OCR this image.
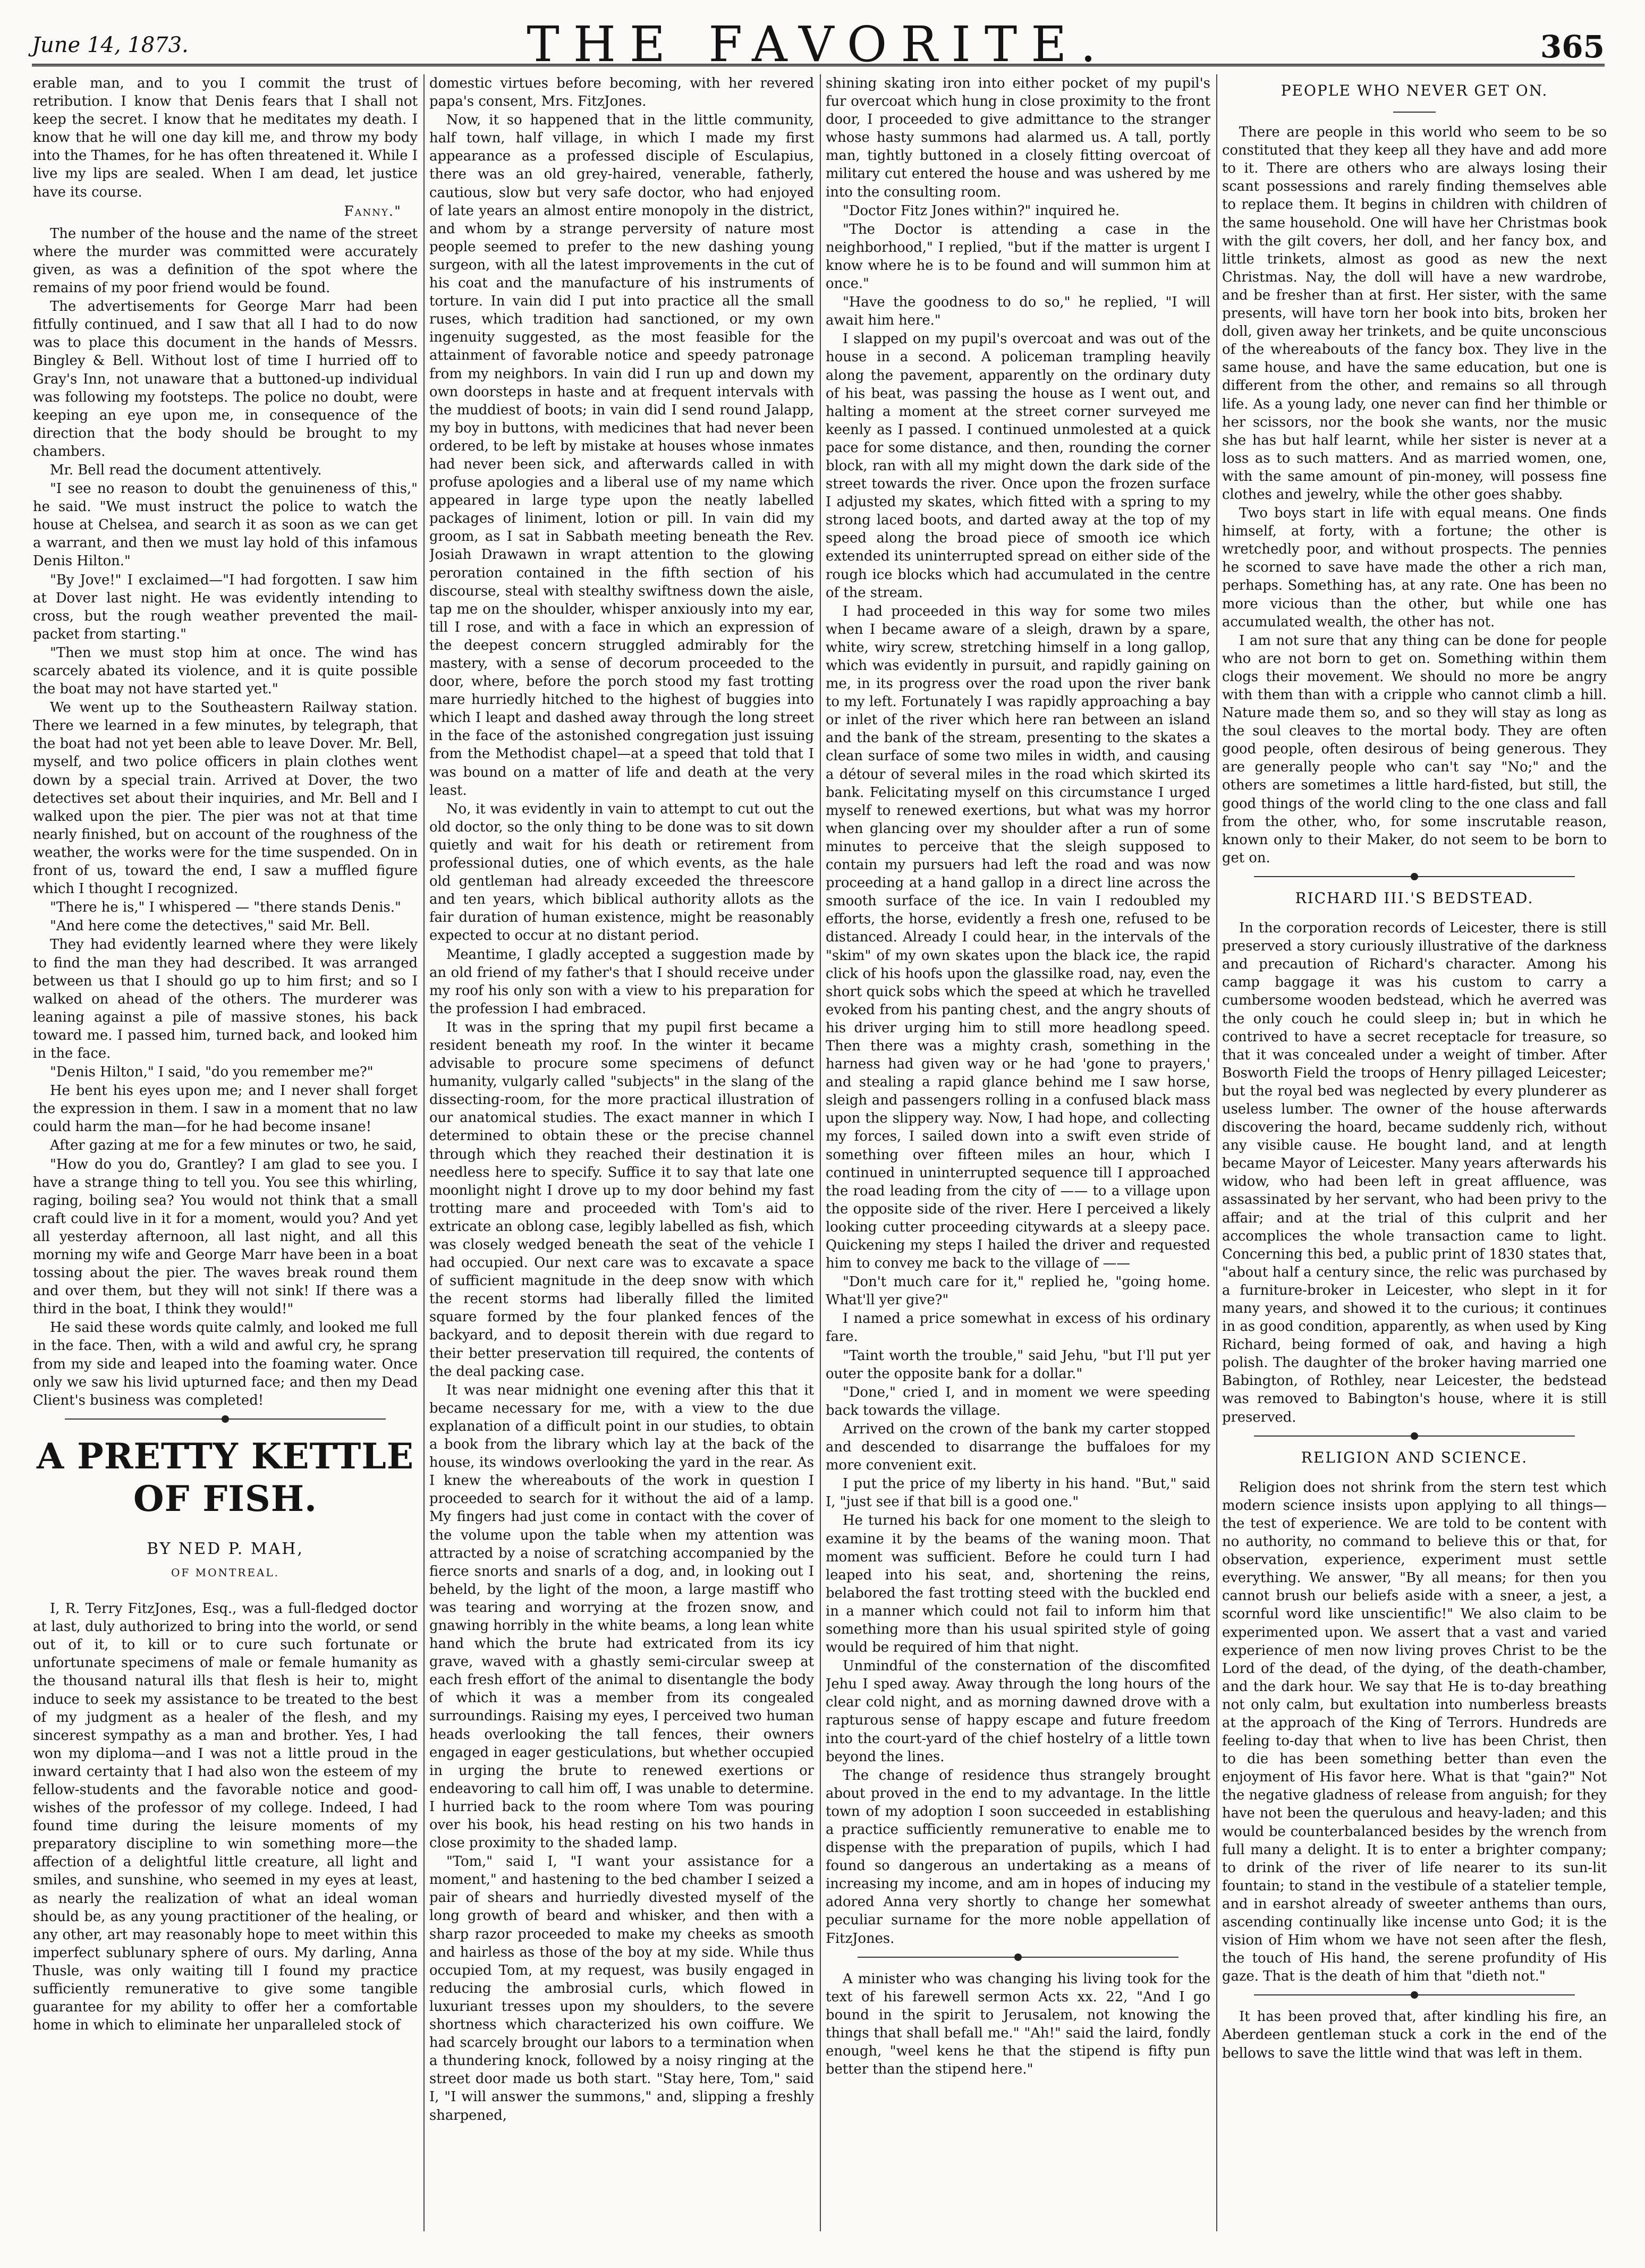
June 14, 1873.	THE FAVORITE.	365

erable man, and to you I commit the trust of retribution. I know that Denis fears that I shall not keep the secret. I know that he meditates my death. I know that he will one day kill me, and throw my body into the Thames, for he has often threatened it. While I live my lips are sealed. When I am dead, let justice have its course.

Fanny."

The number of the house and the name of the street where the murder was committed were accurately given, as was a definition of the spot where the remains of my poor friend would be found.

The advertisements for George Marr had been fitfully continued, and I saw that all I had to do now was to place this document in the hands of Messrs. Bingley & Bell. Without lost of time I hurried off to Gray's Inn, not unaware that a buttoned-up individual was following my footsteps. The police no doubt, were keeping an eye upon me, in consequence of the direction that the body should be brought to my chambers.

Mr. Bell read the document attentively.

"I see no reason to doubt the genuineness of this," he said. "We must instruct the police to watch the house at Chelsea, and search it as soon as we can get a warrant, and then we must lay hold of this infamous Denis Hilton."

"By Jove!" I exclaimed—"I had forgotten. I saw him at Dover last night. He was evidently intending to cross, but the rough weather prevented the mail-packet from starting."

"Then we must stop him at once. The wind has scarcely abated its violence, and it is quite possible the boat may not have started yet."

We went up to the Southeastern Railway station. There we learned in a few minutes, by telegraph, that the boat had not yet been able to leave Dover. Mr. Bell, myself, and two police officers in plain clothes went down by a special train. Arrived at Dover, the two detectives set about their inquiries, and Mr. Bell and I walked upon the pier. The pier was not at that time nearly finished, but on account of the roughness of the weather, the works were for the time suspended. On in front of us, toward the end, I saw a muffled figure which I thought I recognized.

"There he is," I whispered — "there stands Denis."

"And here come the detectives," said Mr. Bell.

They had evidently learned where they were likely to find the man they had described. It was arranged between us that I should go up to him first; and so I walked on ahead of the others. The murderer was leaning against a pile of massive stones, his back toward me. I passed him, turned back, and looked him in the face.

"Denis Hilton," I said, "do you remember me?"

He bent his eyes upon me; and I never shall forget the expression in them. I saw in a moment that no law could harm the man—for he had become insane!

After gazing at me for a few minutes or two, he said,

"How do you do, Grantley? I am glad to see you. I have a strange thing to tell you. You see this whirling, raging, boiling sea? You would not think that a small craft could live in it for a moment, would you? And yet all yesterday afternoon, all last night, and all this morning my wife and George Marr have been in a boat tossing about the pier. The waves break round them and over them, but they will not sink! If there was a third in the boat, I think they would!"

He said these words quite calmly, and looked me full in the face. Then, with a wild and awful cry, he sprang from my side and leaped into the foaming water. Once only we saw his livid upturned face; and then my Dead Client's business was completed!

A PRETTY KETTLE OF FISH.
BY NED P. MAH,
OF MONTREAL.

I, R. Terry FitzJones, Esq., was a full-fledged doctor at last, duly authorized to bring into the world, or send out of it, to kill or to cure such fortunate or unfortunate specimens of male or female humanity as the thousand natural ills that flesh is heir to, might induce to seek my assistance to be treated to the best of my judgment as a healer of the flesh, and my sincerest sympathy as a man and brother. Yes, I had won my diploma—and I was not a little proud in the inward certainty that I had also won the esteem of my fellow-students and the favorable notice and good-wishes of the professor of my college. Indeed, I had found time during the leisure moments of my preparatory discipline to win something more—the affection of a delightful little creature, all light and smiles, and sunshine, who seemed in my eyes at least, as nearly the realization of what an ideal woman should be, as any young practitioner of the healing, or any other, art may reasonably hope to meet within this imperfect sublunary sphere of ours. My darling, Anna Thusle, was only waiting till I found my practice sufficiently remunerative to give some tangible guarantee for my ability to offer her a comfortable home in which to eliminate her unparalleled stock of

domestic virtues before becoming, with her revered papa's consent, Mrs. FitzJones.

Now, it so happened that in the little community, half town, half village, in which I made my first appearance as a professed disciple of Esculapius, there was an old grey-haired, venerable, fatherly, cautious, slow but very safe doctor, who had enjoyed of late years an almost entire monopoly in the district, and whom by a strange perversity of nature most people seemed to prefer to the new dashing young surgeon, with all the latest improvements in the cut of his coat and the manufacture of his instruments of torture. In vain did I put into practice all the small ruses, which tradition had sanctioned, or my own ingenuity suggested, as the most feasible for the attainment of favorable notice and speedy patronage from my neighbors. In vain did I run up and down my own doorsteps in haste and at frequent intervals with the muddiest of boots; in vain did I send round Jalapp, my boy in buttons, with medicines that had never been ordered, to be left by mistake at houses whose inmates had never been sick, and afterwards called in with profuse apologies and a liberal use of my name which appeared in large type upon the neatly labelled packages of liniment, lotion or pill. In vain did my groom, as I sat in Sabbath meeting beneath the Rev. Josiah Drawawn in wrapt attention to the glowing peroration contained in the fifth section of his discourse, steal with stealthy swiftness down the aisle, tap me on the shoulder, whisper anxiously into my ear, till I rose, and with a face in which an expression of the deepest concern struggled admirably for the mastery, with a sense of decorum proceeded to the door, where, before the porch stood my fast trotting mare hurriedly hitched to the highest of buggies into which I leapt and dashed away through the long street in the face of the astonished congregation just issuing from the Methodist chapel—at a speed that told that I was bound on a matter of life and death at the very least.

No, it was evidently in vain to attempt to cut out the old doctor, so the only thing to be done was to sit down quietly and wait for his death or retirement from professional duties, one of which events, as the hale old gentleman had already exceeded the threescore and ten years, which biblical authority allots as the fair duration of human existence, might be reasonably expected to occur at no distant period.

Meantime, I gladly accepted a suggestion made by an old friend of my father's that I should receive under my roof his only son with a view to his preparation for the profession I had embraced.

It was in the spring that my pupil first became a resident beneath my roof. In the winter it became advisable to procure some specimens of defunct humanity, vulgarly called "subjects" in the slang of the dissecting-room, for the more practical illustration of our anatomical studies. The exact manner in which I determined to obtain these or the precise channel through which they reached their destination it is needless here to specify. Suffice it to say that late one moonlight night I drove up to my door behind my fast trotting mare and proceeded with Tom's aid to extricate an oblong case, legibly labelled as fish, which was closely wedged beneath the seat of the vehicle I had occupied. Our next care was to excavate a space of sufficient magnitude in the deep snow with which the recent storms had liberally filled the limited square formed by the four planked fences of the backyard, and to deposit therein with due regard to their better preservation till required, the contents of the deal packing case.

It was near midnight one evening after this that it became necessary for me, with a view to the due explanation of a difficult point in our studies, to obtain a book from the library which lay at the back of the house, its windows overlooking the yard in the rear. As I knew the whereabouts of the work in question I proceeded to search for it without the aid of a lamp. My fingers had just come in contact with the cover of the volume upon the table when my attention was attracted by a noise of scratching accompanied by the fierce snorts and snarls of a dog, and, in looking out I beheld, by the light of the moon, a large mastiff who was tearing and worrying at the frozen snow, and gnawing horribly in the white beams, a long lean white hand which the brute had extricated from its icy grave, waved with a ghastly semi-circular sweep at each fresh effort of the animal to disentangle the body of which it was a member from its congealed surroundings. Raising my eyes, I perceived two human heads overlooking the tall fences, their owners engaged in eager gesticulations, but whether occupied in urging the brute to renewed exertions or endeavoring to call him off, I was unable to determine. I hurried back to the room where Tom was pouring over his book, his head resting on his two hands in close proximity to the shaded lamp.

"Tom," said I, "I want your assistance for a moment," and hastening to the bed chamber I seized a pair of shears and hurriedly divested myself of the long growth of beard and whisker, and then with a sharp razor proceeded to make my cheeks as smooth and hairless as those of the boy at my side. While thus occupied Tom, at my request, was busily engaged in reducing the ambrosial curls, which flowed in luxuriant tresses upon my shoulders, to the severe shortness which characterized his own coiffure. We had scarcely brought our labors to a termination when a thundering knock, followed by a noisy ringing at the street door made us both start. "Stay here, Tom," said I, "I will answer the summons," and, slipping a freshly sharpened,

shining skating iron into either pocket of my pupil's fur overcoat which hung in close proximity to the front door, I proceeded to give admittance to the stranger whose hasty summons had alarmed us. A tall, portly man, tightly buttoned in a closely fitting overcoat of military cut entered the house and was ushered by me into the consulting room.

"Doctor Fitz Jones within?" inquired he.

"The Doctor is attending a case in the neighborhood," I replied, "but if the matter is urgent I know where he is to be found and will summon him at once."

"Have the goodness to do so," he replied, "I will await him here."

I slapped on my pupil's overcoat and was out of the house in a second. A policeman trampling heavily along the pavement, apparently on the ordinary duty of his beat, was passing the house as I went out, and halting a moment at the street corner surveyed me keenly as I passed. I continued unmolested at a quick pace for some distance, and then, rounding the corner block, ran with all my might down the dark side of the street towards the river. Once upon the frozen surface I adjusted my skates, which fitted with a spring to my strong laced boots, and darted away at the top of my speed along the broad piece of smooth ice which extended its uninterrupted spread on either side of the rough ice blocks which had accumulated in the centre of the stream.

I had proceeded in this way for some two miles when I became aware of a sleigh, drawn by a spare, white, wiry screw, stretching himself in a long gallop, which was evidently in pursuit, and rapidly gaining on me, in its progress over the road upon the river bank to my left. Fortunately I was rapidly approaching a bay or inlet of the river which here ran between an island and the bank of the stream, presenting to the skates a clean surface of some two miles in width, and causing a détour of several miles in the road which skirted its bank. Felicitating myself on this circumstance I urged myself to renewed exertions, but what was my horror when glancing over my shoulder after a run of some minutes to perceive that the sleigh supposed to contain my pursuers had left the road and was now proceeding at a hand gallop in a direct line across the smooth surface of the ice. In vain I redoubled my efforts, the horse, evidently a fresh one, refused to be distanced. Already I could hear, in the intervals of the "skim" of my own skates upon the black ice, the rapid click of his hoofs upon the glassilke road, nay, even the short quick sobs which the speed at which he travelled evoked from his panting chest, and the angry shouts of his driver urging him to still more headlong speed. Then there was a mighty crash, something in the harness had given way or he had 'gone to prayers,' and stealing a rapid glance behind me I saw horse, sleigh and passengers rolling in a confused black mass upon the slippery way. Now, I had hope, and collecting my forces, I sailed down into a swift even stride of something over fifteen miles an hour, which I continued in uninterrupted sequence till I approached the road leading from the city of —— to a village upon the opposite side of the river. Here I perceived a likely looking cutter proceeding citywards at a sleepy pace. Quickening my steps I hailed the driver and requested him to convey me back to the village of ——

"Don't much care for it," replied he, "going home. What'll yer give?"

I named a price somewhat in excess of his ordinary fare.

"Taint worth the trouble," said Jehu, "but I'll put yer outer the opposite bank for a dollar."

"Done," cried I, and in moment we were speeding back towards the village.

Arrived on the crown of the bank my carter stopped and descended to disarrange the buffaloes for my more convenient exit.

I put the price of my liberty in his hand. "But," said I, "just see if that bill is a good one."

He turned his back for one moment to the sleigh to examine it by the beams of the waning moon. That moment was sufficient. Before he could turn I had leaped into his seat, and, shortening the reins, belabored the fast trotting steed with the buckled end in a manner which could not fail to inform him that something more than his usual spirited style of going would be required of him that night.

Unmindful of the consternation of the discomfited Jehu I sped away. Away through the long hours of the clear cold night, and as morning dawned drove with a rapturous sense of happy escape and future freedom into the court-yard of the chief hostelry of a little town beyond the lines.

The change of residence thus strangely brought about proved in the end to my advantage. In the little town of my adoption I soon succeeded in establishing a practice sufficiently remunerative to enable me to dispense with the preparation of pupils, which I had found so dangerous an undertaking as a means of increasing my income, and am in hopes of inducing my adored Anna very shortly to change her somewhat peculiar surname for the more noble appellation of FitzJones.

A minister who was changing his living took for the text of his farewell sermon Acts xx. 22, "And I go bound in the spirit to Jerusalem, not knowing the things that shall befall me." "Ah!" said the laird, fondly enough, "weel kens he that the stipend is fifty pun better than the stipend here."

PEOPLE WHO NEVER GET ON.

There are people in this world who seem to be so constituted that they keep all they have and add more to it. There are others who are always losing their scant possessions and rarely finding themselves able to replace them. It begins in children with children of the same household. One will have her Christmas book with the gilt covers, her doll, and her fancy box, and little trinkets, almost as good as new the next Christmas. Nay, the doll will have a new wardrobe, and be fresher than at first. Her sister, with the same presents, will have torn her book into bits, broken her doll, given away her trinkets, and be quite unconscious of the whereabouts of the fancy box. They live in the same house, and have the same education, but one is different from the other, and remains so all through life. As a young lady, one never can find her thimble or her scissors, nor the book she wants, nor the music she has but half learnt, while her sister is never at a loss as to such matters. And as married women, one, with the same amount of pin-money, will possess fine clothes and jewelry, while the other goes shabby.

Two boys start in life with equal means. One finds himself, at forty, with a fortune; the other is wretchedly poor, and without prospects. The pennies he scorned to save have made the other a rich man, perhaps. Something has, at any rate. One has been no more vicious than the other, but while one has accumulated wealth, the other has not.

I am not sure that any thing can be done for people who are not born to get on. Something within them clogs their movement. We should no more be angry with them than with a cripple who cannot climb a hill. Nature made them so, and so they will stay as long as the soul cleaves to the mortal body. They are often good people, often desirous of being generous. They are generally people who can't say "No;" and the others are sometimes a little hard-fisted, but still, the good things of the world cling to the one class and fall from the other, who, for some inscrutable reason, known only to their Maker, do not seem to be born to get on.

RICHARD III.'S BEDSTEAD.

In the corporation records of Leicester, there is still preserved a story curiously illustrative of the darkness and precaution of Richard's character. Among his camp baggage it was his custom to carry a cumbersome wooden bedstead, which he averred was the only couch he could sleep in; but in which he contrived to have a secret receptacle for treasure, so that it was concealed under a weight of timber. After Bosworth Field the troops of Henry pillaged Leicester; but the royal bed was neglected by every plunderer as useless lumber. The owner of the house afterwards discovering the hoard, became suddenly rich, without any visible cause. He bought land, and at length became Mayor of Leicester. Many years afterwards his widow, who had been left in great affluence, was assassinated by her servant, who had been privy to the affair; and at the trial of this culprit and her accomplices the whole transaction came to light. Concerning this bed, a public print of 1830 states that, "about half a century since, the relic was purchased by a furniture-broker in Leicester, who slept in it for many years, and showed it to the curious; it continues in as good condition, apparently, as when used by King Richard, being formed of oak, and having a high polish. The daughter of the broker having married one Babington, of Rothley, near Leicester, the bedstead was removed to Babington's house, where it is still preserved.

RELIGION AND SCIENCE.

Religion does not shrink from the stern test which modern science insists upon applying to all things—the test of experience. We are told to be content with no authority, no command to believe this or that, for observation, experience, experiment must settle everything. We answer, "By all means; for then you cannot brush our beliefs aside with a sneer, a jest, a scornful word like unscientific!" We also claim to be experimented upon. We assert that a vast and varied experience of men now living proves Christ to be the Lord of the dead, of the dying, of the death-chamber, and the dark hour. We say that He is to-day breathing not only calm, but exultation into numberless breasts at the approach of the King of Terrors. Hundreds are feeling to-day that when to live has been Christ, then to die has been something better than even the enjoyment of His favor here. What is that "gain?" Not the negative gladness of release from anguish; for they have not been the querulous and heavy-laden; and this would be counterbalanced besides by the wrench from full many a delight. It is to enter a brighter company; to drink of the river of life nearer to its sun-lit fountain; to stand in the vestibule of a statelier temple, and in earshot already of sweeter anthems than ours, ascending continually like incense unto God; it is the vision of Him whom we have not seen after the flesh, the touch of His hand, the serene profundity of His gaze. That is the death of him that "dieth not."

It has been proved that, after kindling his fire, an Aberdeen gentleman stuck a cork in the end of the bellows to save the little wind that was left in them.
